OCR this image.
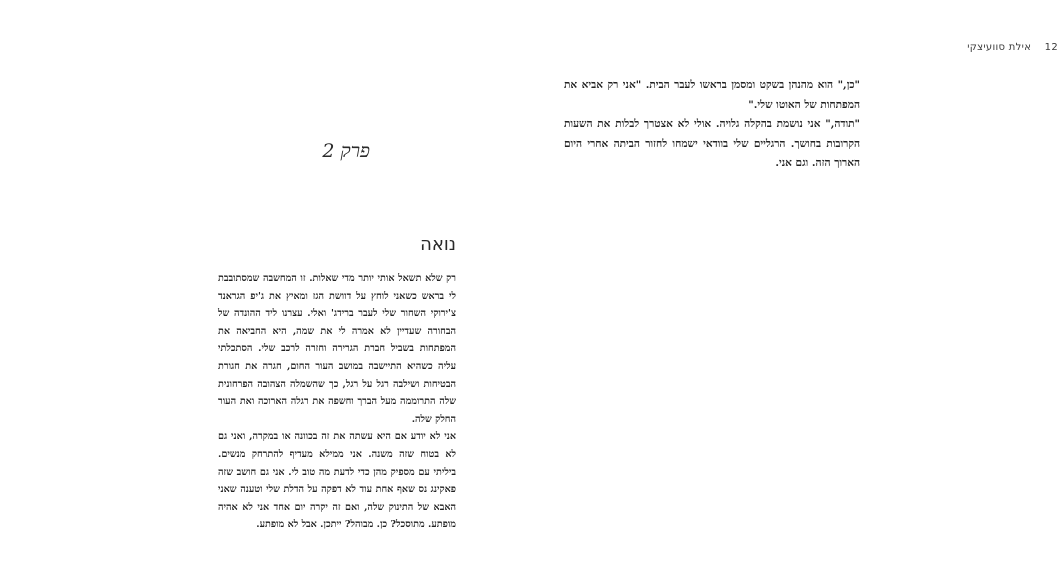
12 אילת סוועיצקי

"כן," הוא מהנהן בשקט ומסמן בראשו לעבר הבית. "אני רק אביא את המפתחות של האוטו שלי."

"תודה," אני נושמת בהקלה גלויה. אולי לא אצטרך לבלות את השעות הקרובות בחושך. הרגליים שלי בוודאי ישמחו לחזור הביתה אחרי היום הארוך הזה. וגם אני.

פרק 2
נואה

רק שלא תשאל אותי יותר מדי שאלות. זו המחשבה שמסתובבת לי בראש כשאני לוחץ על דוושת הגז ומאיץ את ג'יפ הגראנד צ'ירוקי השחור שלי לעבר ברידג' ואלי. עצרנו ליד ההונדה של הבחורה שעדיין לא אמרה לי את שמה, היא החביאה את המפתחות בשביל חברת הגרירה וחזרה לרכב שלי. הסתכלתי עליה כשהיא התיישבה במושב העור החום, חגרה את חגורת הבטיחות ושילבה רגל על רגל, כך שהשמלה הצהובה הפרחונית שלה התרוממה מעל הברך וחשפה את רגלה הארוכה ואת העור החלק שלה.

אני לא יודע אם היא עשתה את זה בכוונה או במקרה, ואני גם לא בטוח שזה משנה. אני ממילא מעדיף להתרחק מנשים. ביליתי עם מספיק מהן כדי לדעת מה טוב לי. אני גם חושב שזה פאקינג נס שאף אחת עוד לא דפקה על הדלת שלי וטענה שאני האבא של התינוק שלה, ואם זה יקרה יום אחד אני לא אהיה מופתע. מתוסכל? כן. מבוהל? ייתכן. אבל לא מופתע.
